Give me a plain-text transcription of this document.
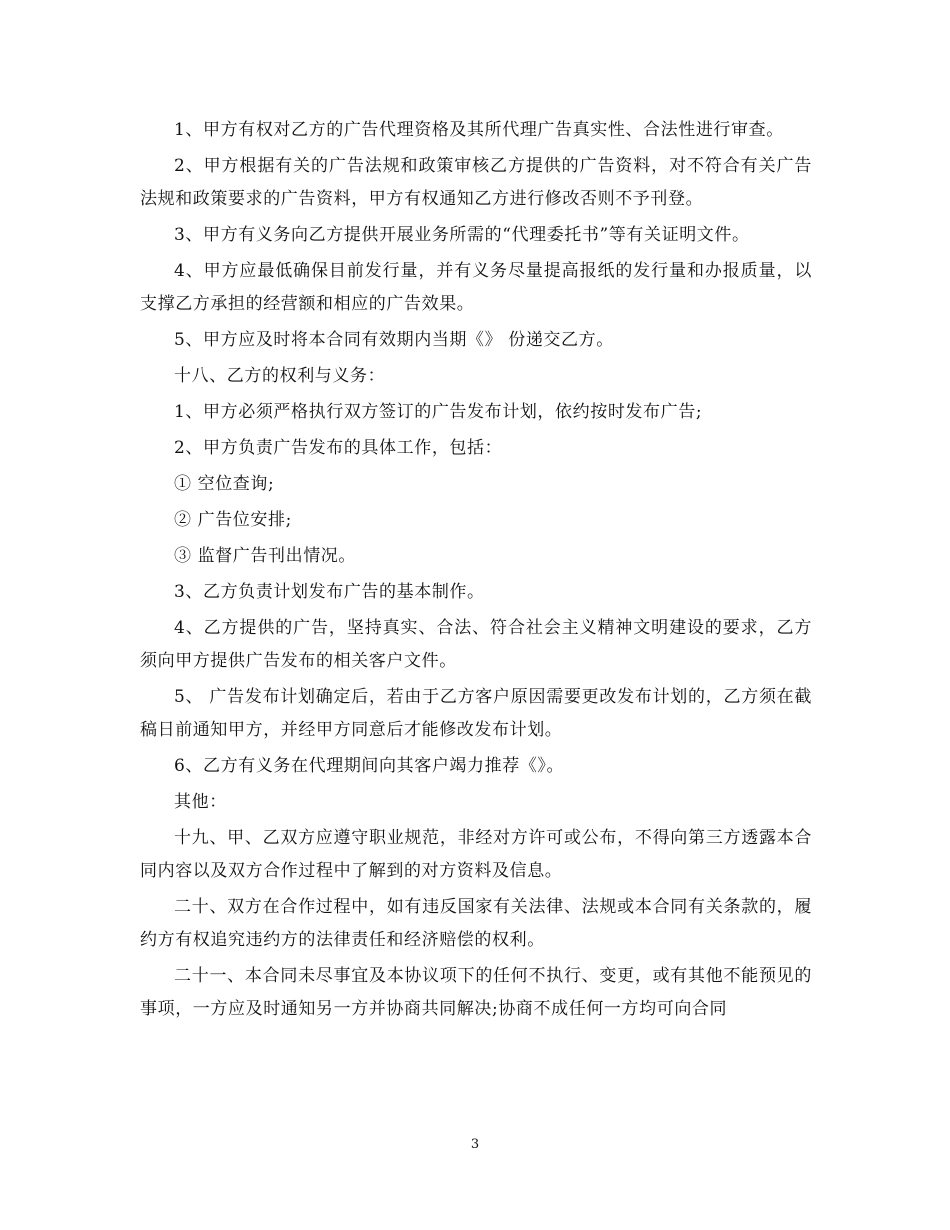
1、甲方有权对乙方的广告代理资格及其所代理广告真实性、合法性进行审查。

2、甲方根据有关的广告法规和政策审核乙方提供的广告资料，对不符合有关广告法规和政策要求的广告资料，甲方有权通知乙方进行修改否则不予刊登。

3、甲方有义务向乙方提供开展业务所需的“代理委托书”等有关证明文件。

4、甲方应最低确保目前发行量，并有义务尽量提高报纸的发行量和办报质量，以支撑乙方承担的经营额和相应的广告效果。

5、甲方应及时将本合同有效期内当期《》 份递交乙方。

十八、乙方的权利与义务：

1、甲方必须严格执行双方签订的广告发布计划，依约按时发布广告;

2、甲方负责广告发布的具体工作，包括：

① 空位查询;

② 广告位安排;

③ 监督广告刊出情况。

3、乙方负责计划发布广告的基本制作。

4、乙方提供的广告，坚持真实、合法、符合社会主义精神文明建设的要求，乙方须向甲方提供广告发布的相关客户文件。

5、 广告发布计划确定后，若由于乙方客户原因需要更改发布计划的，乙方须在截稿日前通知甲方，并经甲方同意后才能修改发布计划。

6、乙方有义务在代理期间向其客户竭力推荐《》。

其他：

十九、甲、乙双方应遵守职业规范，非经对方许可或公布，不得向第三方透露本合同内容以及双方合作过程中了解到的对方资料及信息。

二十、双方在合作过程中，如有违反国家有关法律、法规或本合同有关条款的，履约方有权追究违约方的法律责任和经济赔偿的权利。

二十一、本合同未尽事宜及本协议项下的任何不执行、变更，或有其他不能预见的事项，一方应及时通知另一方并协商共同解决;协商不成任何一方均可向合同

3
